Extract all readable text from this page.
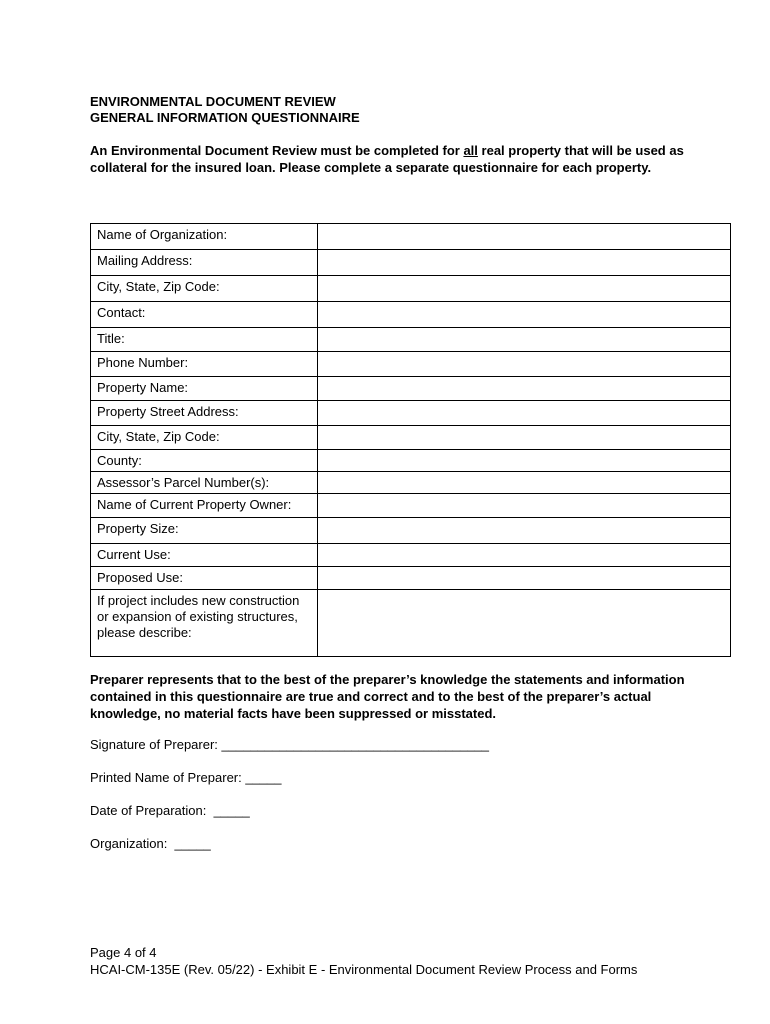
ENVIRONMENTAL DOCUMENT REVIEW
GENERAL INFORMATION QUESTIONNAIRE

An Environmental Document Review must be completed for all real property that will be used as collateral for the insured loan. Please complete a separate questionnaire for each property.

Name of Organization:	
Mailing Address:	
City, State, Zip Code:	
Contact:	
Title:	
Phone Number:	
Property Name:	
Property Street Address:	
City, State, Zip Code:	
County:	
Assessor’s Parcel Number(s):	
Name of Current Property Owner:	
Property Size:	
Current Use:	
Proposed Use:	
If project includes new construction or expansion of existing structures, please describe:	

Preparer represents that to the best of the preparer’s knowledge the statements and information contained in this questionnaire are true and correct and to the best of the preparer’s actual knowledge, no material facts have been suppressed or misstated.

Signature of Preparer: _____________________________________

Printed Name of Preparer: _____

Date of Preparation:  _____

Organization:  _____

Page 4 of 4
HCAI-CM-135E (Rev. 05/22) - Exhibit E - Environmental Document Review Process and Forms
